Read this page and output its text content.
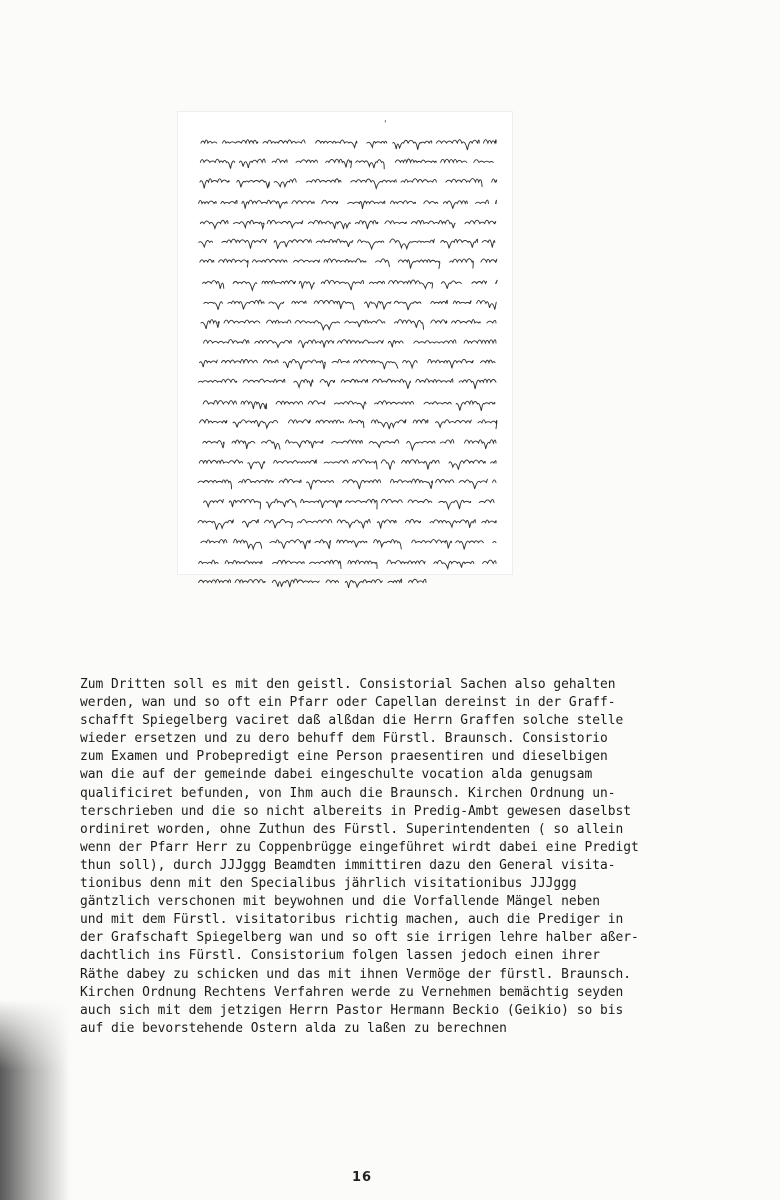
'
Zum Dritten soll es mit den geistl. Consistorial Sachen also gehalten
werden, wan und so oft ein Pfarr oder Capellan dereinst in der Graff-
schafft Spiegelberg vaciret daß alßdan die Herrn Graffen solche stelle
wieder ersetzen und zu dero behuff dem Fürstl. Braunsch. Consistorio
zum Examen und Probepredigt eine Person praesentiren und dieselbigen
wan die auf der gemeinde dabei eingeschulte vocation alda genugsam
qualificiret befunden, von Ihm auch die Braunsch. Kirchen Ordnung un-
terschrieben und die so nicht albereits in Predig-Ambt gewesen daselbst
ordiniret worden, ohne Zuthun des Fürstl. Superintendenten ( so allein
wenn der Pfarr Herr zu Coppenbrügge eingeführet wirdt dabei eine Predigt
thun soll), durch JJJggg Beamdten immittiren dazu den General visita-
tionibus denn mit den Specialibus jährlich visitationibus JJJggg
gäntzlich verschonen mit beywohnen und die Vorfallende Mängel neben
und mit dem Fürstl. visitatoribus richtig machen, auch die Prediger in
der Grafschaft Spiegelberg wan und so oft sie irrigen lehre halber aßer-
dachtlich ins Fürstl. Consistorium folgen lassen jedoch einen ihrer
Räthe dabey zu schicken und das mit ihnen Vermöge der fürstl. Braunsch.
Kirchen Ordnung Rechtens Verfahren werde zu Vernehmen bemächtig seyden
auch sich mit dem jetzigen Herrn Pastor Hermann Beckio (Geikio) so bis
auf die bevorstehende Ostern alda zu laßen zu berechnen
16
